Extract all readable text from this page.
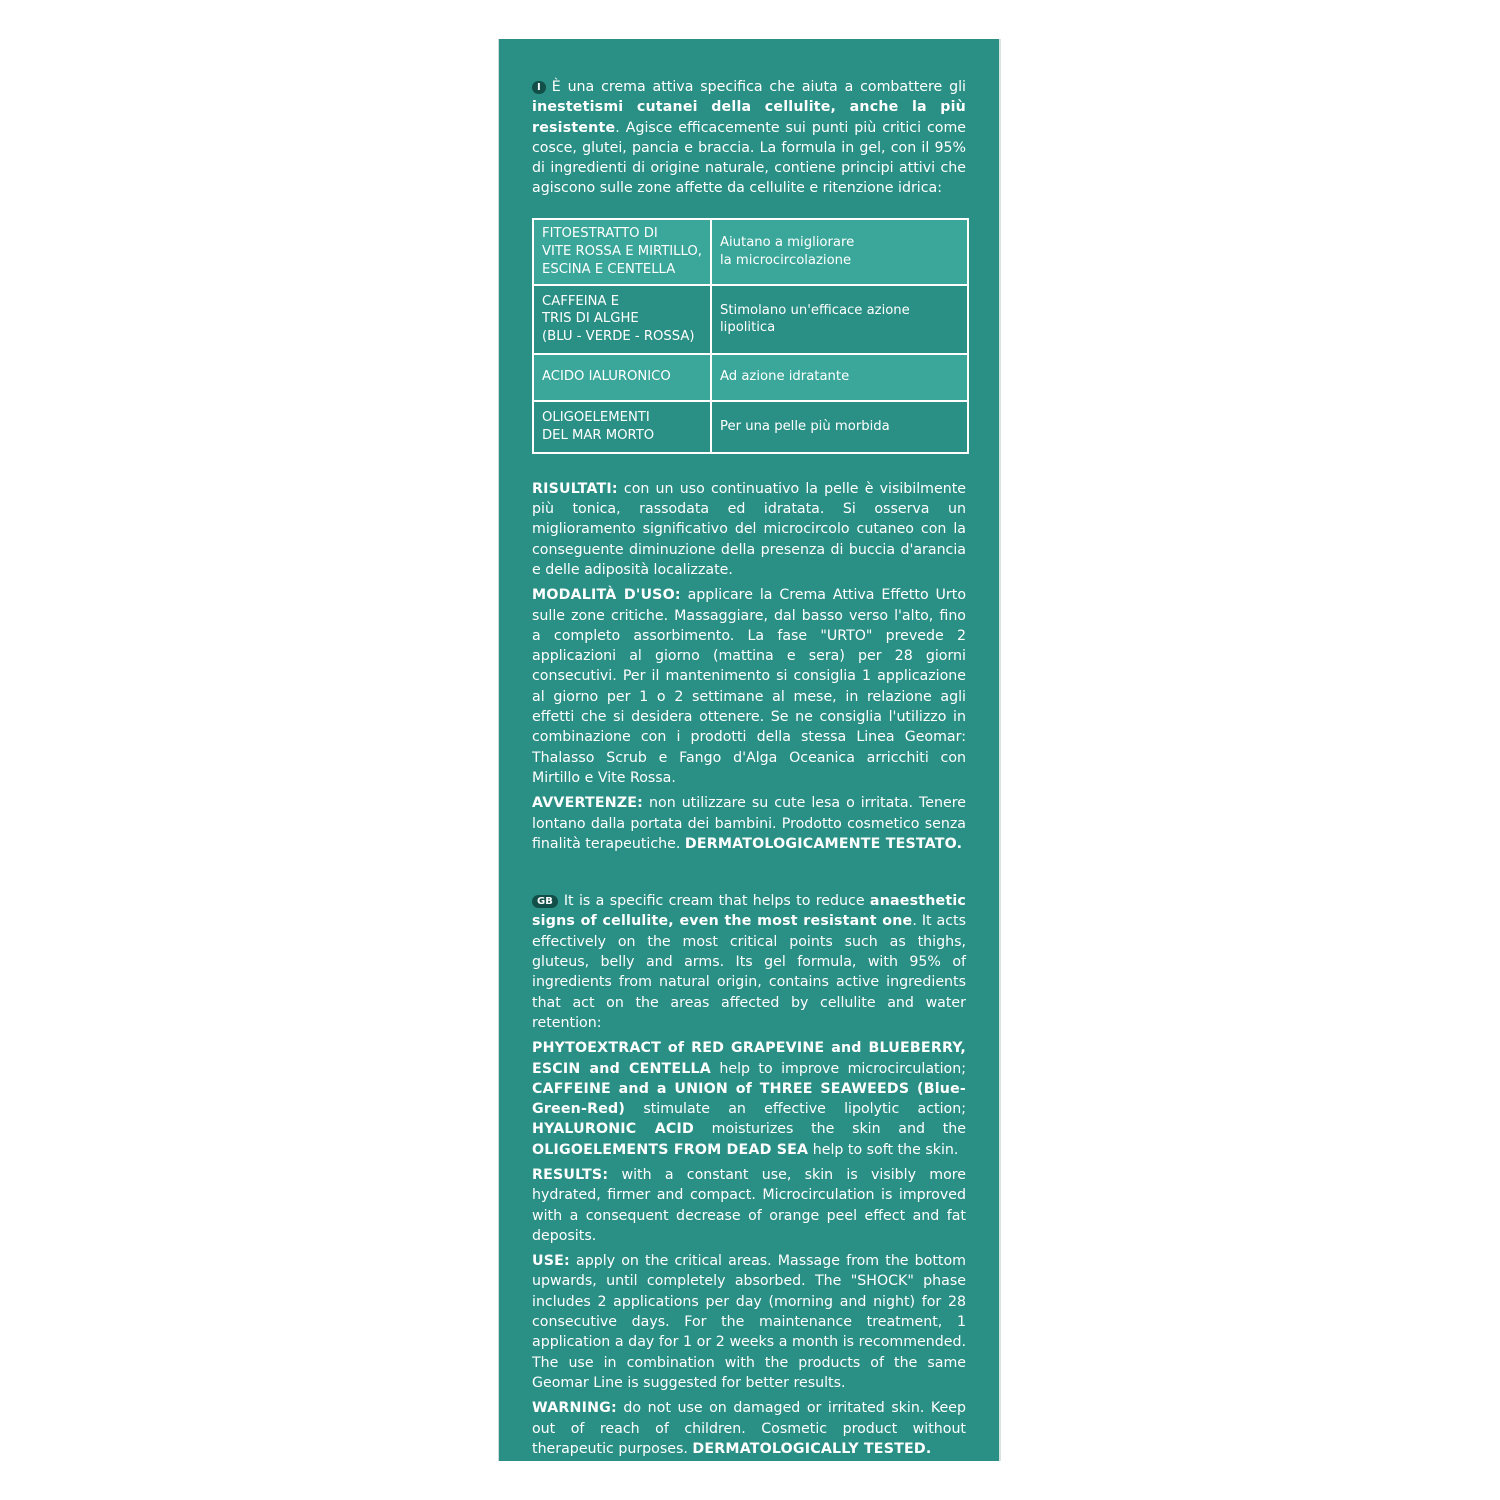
I È una crema attiva specifica che aiuta a combattere gli inestetismi cutanei della cellulite, anche la più resistente. Agisce efficacemente sui punti più critici come cosce, glutei, pancia e braccia. La formula in gel, con il 95% di ingredienti di origine naturale, contiene principi attivi che agiscono sulle zone affette da cellulite e ritenzione idrica:

FITOESTRATTO DI
VITE ROSSA E MIRTILLO,
ESCINA E CENTELLA	Aiutano a migliorare
la microcircolazione
CAFFEINA E
TRIS DI ALGHE
(BLU - VERDE - ROSSA)	Stimolano un'efficace azione lipolitica
ACIDO IALURONICO	Ad azione idratante
OLIGOELEMENTI
DEL MAR MORTO	Per una pelle più morbida

RISULTATI: con un uso continuativo la pelle è visibilmente più tonica, rassodata ed idratata. Si osserva un miglioramento significativo del microcircolo cutaneo con la conseguente diminuzione della presenza di buccia d'arancia e delle adiposità localizzate.

MODALITÀ D'USO: applicare la Crema Attiva Effetto Urto sulle zone critiche. Massaggiare, dal basso verso l'alto, fino a completo assorbimento. La fase "URTO" prevede 2 applicazioni al giorno (mattina e sera) per 28 giorni consecutivi. Per il mantenimento si consiglia 1 applicazione al giorno per 1 o 2 settimane al mese, in relazione agli effetti che si desidera ottenere. Se ne consiglia l'utilizzo in combinazione con i prodotti della stessa Linea Geomar: Thalasso Scrub e Fango d'Alga Oceanica arricchiti con Mirtillo e Vite Rossa.

AVVERTENZE: non utilizzare su cute lesa o irritata. Tenere lontano dalla portata dei bambini. Prodotto cosmetico senza finalità terapeutiche. DERMATOLOGICAMENTE TESTATO.

GB It is a specific cream that helps to reduce anaesthetic signs of cellulite, even the most resistant one. It acts effectively on the most critical points such as thighs, gluteus, belly and arms. Its gel formula, with 95% of ingredients from natural origin, contains active ingredients that act on the areas affected by cellulite and water retention:

PHYTOEXTRACT of RED GRAPEVINE and BLUEBERRY, ESCIN and CENTELLA help to improve microcirculation; CAFFEINE and a UNION of THREE SEAWEEDS (Blue-Green-Red) stimulate an effective lipolytic action; HYALURONIC ACID moisturizes the skin and the OLIGOELEMENTS FROM DEAD SEA help to soft the skin.

RESULTS: with a constant use, skin is visibly more hydrated, firmer and compact. Microcirculation is improved with a consequent decrease of orange peel effect and fat deposits.

USE: apply on the critical areas. Massage from the bottom upwards, until completely absorbed. The "SHOCK" phase includes 2 applications per day (morning and night) for 28 consecutive days. For the maintenance treatment, 1 application a day for 1 or 2 weeks a month is recommended. The use in combination with the products of the same Geomar Line is suggested for better results.

WARNING: do not use on damaged or irritated skin. Keep out of reach of children. Cosmetic product without therapeutic purposes. DERMATOLOGICALLY TESTED.
